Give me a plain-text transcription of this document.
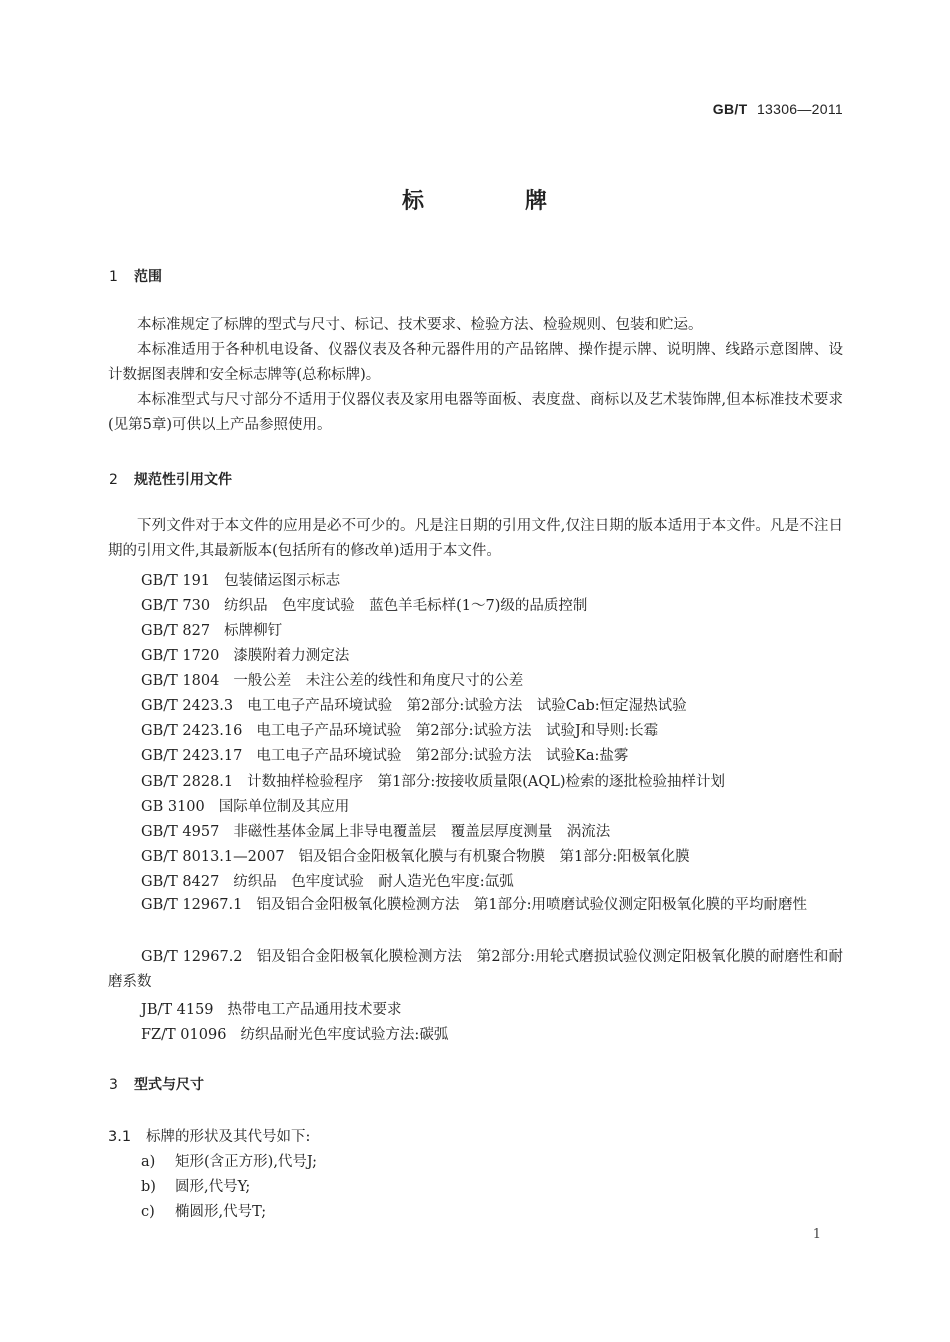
GB/T 13306—2011
标	牌
1 范围

本标准规定了标牌的型式与尺寸、标记、技术要求、检验方法、检验规则、包装和贮运。

本标准适用于各种机电设备、仪器仪表及各种元器件用的产品铭牌、操作提示牌、说明牌、线路示意图牌、设计数据图表牌和安全标志牌等(总称标牌)。

本标准型式与尺寸部分不适用于仪器仪表及家用电器等面板、表度盘、商标以及艺术装饰牌,但本标准技术要求(见第5章)可供以上产品参照使用。

2 规范性引用文件

下列文件对于本文件的应用是必不可少的。凡是注日期的引用文件,仅注日期的版本适用于本文件。凡是不注日期的引用文件,其最新版本(包括所有的修改单)适用于本文件。

GB/T 191 包装储运图示标志
GB/T 730 纺织品　色牢度试验　蓝色羊毛标样(1～7)级的品质控制
GB/T 827 标牌柳钉
GB/T 1720 漆膜附着力测定法
GB/T 1804 一般公差　未注公差的线性和角度尺寸的公差
GB/T 2423.3 电工电子产品环境试验　第2部分:试验方法　试验Cab:恒定湿热试验
GB/T 2423.16 电工电子产品环境试验　第2部分:试验方法　试验J和导则:长霉
GB/T 2423.17 电工电子产品环境试验　第2部分:试验方法　试验Ka:盐雾
GB/T 2828.1 计数抽样检验程序　第1部分:按接收质量限(AQL)检索的逐批检验抽样计划
GB 3100 国际单位制及其应用
GB/T 4957 非磁性基体金属上非导电覆盖层　覆盖层厚度测量　涡流法
GB/T 8013.1—2007 铝及铝合金阳极氧化膜与有机聚合物膜　第1部分:阳极氧化膜
GB/T 8427 纺织品　色牢度试验　耐人造光色牢度:氙弧

GB/T 12967.1 铝及铝合金阳极氧化膜检测方法　第1部分:用喷磨试验仪测定阳极氧化膜的平均耐磨性

GB/T 12967.2 铝及铝合金阳极氧化膜检测方法　第2部分:用轮式磨损试验仪测定阳极氧化膜的耐磨性和耐磨系数

JB/T 4159 热带电工产品通用技术要求
FZ/T 01096 纺织品耐光色牢度试验方法:碳弧
3 型式与尺寸
3.1 标牌的形状及其代号如下:
a) 矩形(含正方形),代号J;
b) 圆形,代号Y;
c) 椭圆形,代号T;
1
